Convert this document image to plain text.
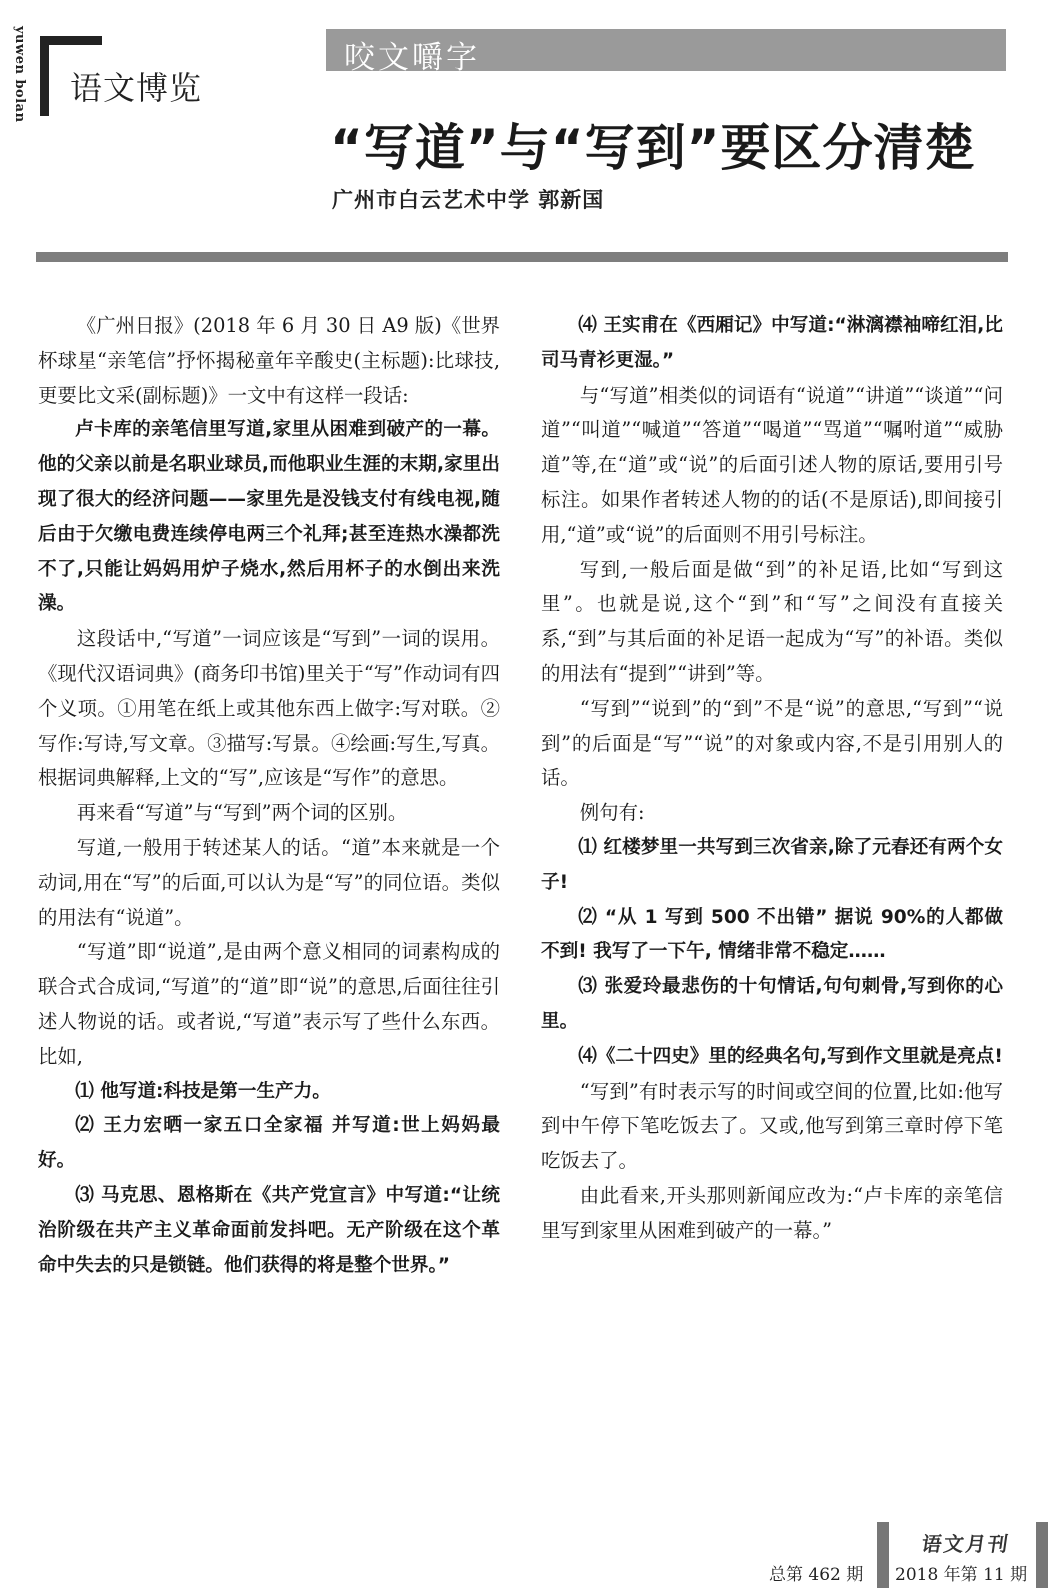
yuwen bolan 语文博览
咬文嚼字
“写道”与“写到”要区分清楚
广州市白云艺术中学 郭新国

《广州日报》(2018 年 6 月 30 日 A9 版)《世界杯球星“亲笔信”抒怀揭秘童年辛酸史(主标题):比球技,更要比文采(副标题)》一文中有这样一段话:

卢卡库的亲笔信里写道,家里从困难到破产的一幕。他的父亲以前是名职业球员,而他职业生涯的末期,家里出现了很大的经济问题——家里先是没钱支付有线电视,随后由于欠缴电费连续停电两三个礼拜;甚至连热水澡都洗不了,只能让妈妈用炉子烧水,然后用杯子的水倒出来洗澡。

这段话中,“写道”一词应该是“写到”一词的误用。《现代汉语词典》(商务印书馆)里关于“写”作动词有四个义项。①用笔在纸上或其他东西上做字:写对联。②写作:写诗,写文章。③描写:写景。④绘画:写生,写真。根据词典解释,上文的“写”,应该是“写作”的意思。

再来看“写道”与“写到”两个词的区别。

写道,一般用于转述某人的话。“道”本来就是一个动词,用在“写”的后面,可以认为是“写”的同位语。类似的用法有“说道”。

“写道”即“说道”,是由两个意义相同的词素构成的联合式合成词,“写道”的“道”即“说”的意思,后面往往引述人物说的话。或者说,“写道”表示写了些什么东西。比如,

⑴ 他写道:科技是第一生产力。

⑵ 王力宏晒一家五口全家福 并写道:世上妈妈最好。

⑶ 马克思、恩格斯在《共产党宣言》中写道:“让统治阶级在共产主义革命面前发抖吧。无产阶级在这个革命中失去的只是锁链。他们获得的将是整个世界。”

⑷ 王实甫在《西厢记》中写道:“淋漓襟袖啼红泪,比司马青衫更湿。”

与“写道”相类似的词语有“说道”“讲道”“谈道”“问道”“叫道”“喊道”“答道”“喝道”“骂道”“嘱咐道”“威胁道”等,在“道”或“说”的后面引述人物的原话,要用引号标注。如果作者转述人物的的话(不是原话),即间接引用,“道”或“说”的后面则不用引号标注。

写到,一般后面是做“到”的补足语,比如“写到这里”。也就是说,这个“到”和“写”之间没有直接关系,“到”与其后面的补足语一起成为“写”的补语。类似的用法有“提到”“讲到”等。

“写到”“说到”的“到”不是“说”的意思,“写到”“说到”的后面是“写”“说”的对象或内容,不是引用别人的话。

例句有:

⑴ 红楼梦里一共写到三次省亲,除了元春还有两个女子!

⑵ “从 1 写到 500 不出错” 据说 90%的人都做不到! 我写了一下午, 情绪非常不稳定……

⑶ 张爱玲最悲伤的十句情话,句句刺骨,写到你的心里。

⑷《二十四史》里的经典名句,写到作文里就是亮点!

“写到”有时表示写的时间或空间的位置,比如:他写到中午停下笔吃饭去了。又或,他写到第三章时停下笔吃饭去了。

由此看来,开头那则新闻应改为:“卢卡库的亲笔信里写到家里从困难到破产的一幕。”

语文月刊
总第 462 期 2018 年第 11 期
